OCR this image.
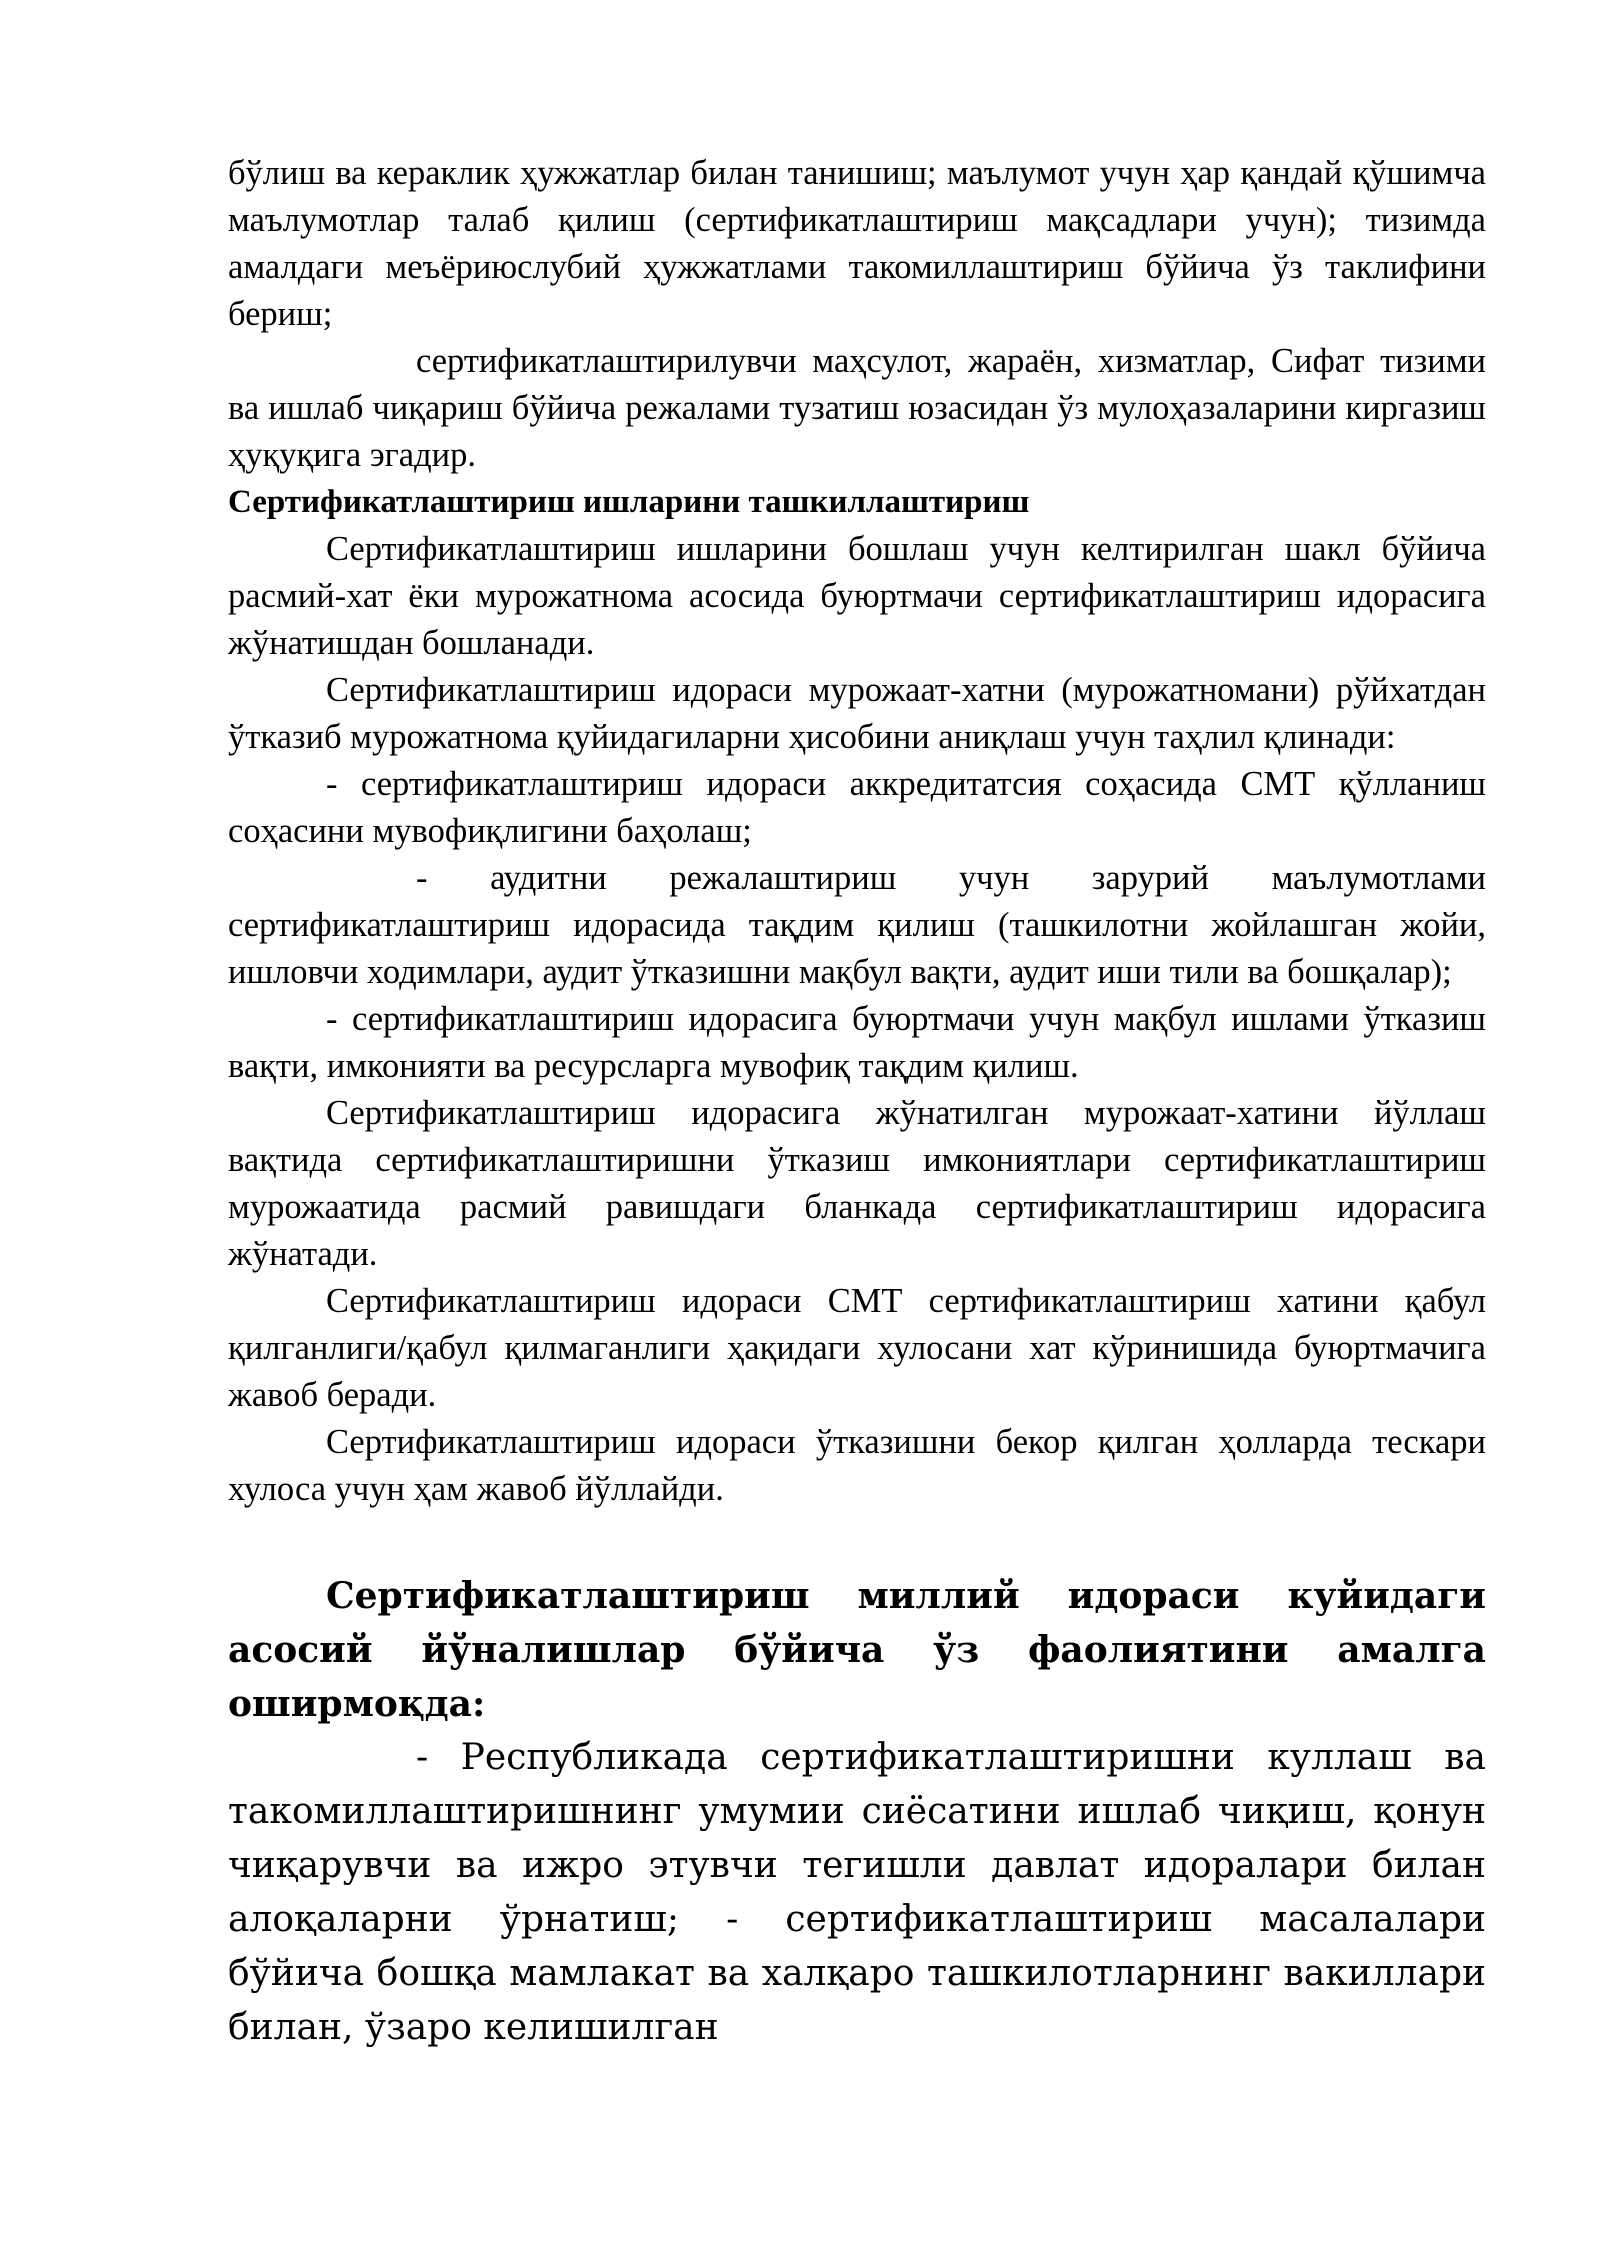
бўлиш ва кераклик ҳужжатлар билан танишиш; маълумот учун ҳар қандай қўшимча маълумотлар талаб қилиш (сертификатлаштириш мақсадлари учун); тизимда амалдаги меъёриюслубий ҳужжатлами такомиллаштириш бўйича ўз таклифини бериш;

сертификатлаштирилувчи маҳсулот, жараён, хизматлар, Сифат тизими ва ишлаб чиқариш бўйича режалами тузатиш юзасидан ўз мулоҳазаларини киргазиш ҳуқуқига эгадир.

Сертификатлаштириш ишларини ташкиллаштириш

Сертификатлаштириш ишларини бошлаш учун келтирилган шакл бўйича расмий-хат ёки мурожатнома асосида буюртмачи сертификатлаштириш идорасига жўнатишдан бошланади.

Сертификатлаштириш идораси мурожаат-хатни (мурожатномани) рўйхатдан ўтказиб мурожатнома қуйидагиларни ҳисобини аниқлаш учун таҳлил қлинади:

- сертификатлаштириш идораси аккредитатсия соҳасида СМТ қўлланиш соҳасини мувофиқлигини баҳолаш;

- аудитни режалаштириш учун зарурий маълумотлами сертификатлаштириш идорасида тақдим қилиш (ташкилотни жойлашган жойи, ишловчи ходимлари, аудит ўтказишни мақбул вақти, аудит иши тили ва бошқалар);

- сертификатлаштириш идорасига буюртмачи учун мақбул ишлами ўтказиш вақти, имконияти ва ресурсларга мувофиқ тақдим қилиш.

Сертификатлаштириш идорасига жўнатилган мурожаат-хатини йўллаш вақтида сертификатлаштиришни ўтказиш имкониятлари сертификатлаштириш мурожаатида расмий равишдаги бланкада сертификатлаштириш идорасига жўнатади.

Сертификатлаштириш идораси СМТ сертификатлаштириш хатини қабул қилганлиги/қабул қилмаганлиги ҳақидаги хулосани хат кўринишида буюртмачига жавоб беради.

Сертификатлаштириш идораси ўтказишни бекор қилган ҳолларда тескари хулоса учун ҳам жавоб йўллайди.

Сертификатлаштириш миллий идораси куйидаги асосий йўналишлар бўйича ўз фаолиятини амалга оширмоқда:

- Республикада сертификатлаштиришни куллаш ва такомиллаштиришнинг умумии сиёсатини ишлаб чиқиш, қонун чиқарувчи ва ижро этувчи тегишли давлат идоралари билан алоқаларни ўрнатиш; - сертификатлаштириш масалалари бўйича бошқа мамлакат ва халқаро ташкилотларнинг вакиллари билан, ўзаро келишилган
